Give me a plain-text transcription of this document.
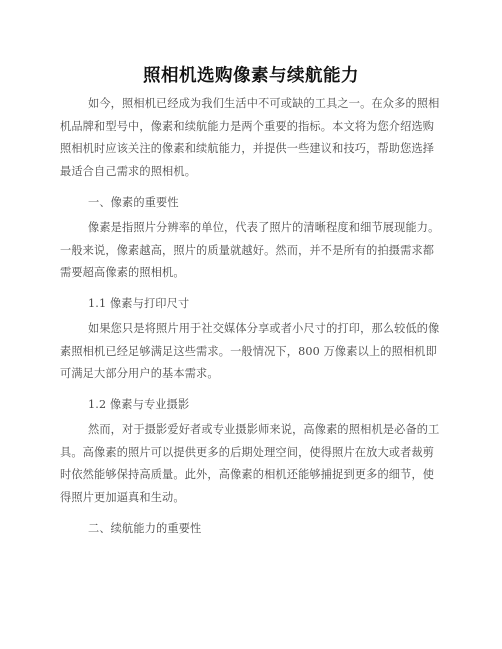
照相机选购像素与续航能力

如今，照相机已经成为我们生活中不可或缺的工具之一。在众多的照相机品牌和型号中，像素和续航能力是两个重要的指标。本文将为您介绍选购照相机时应该关注的像素和续航能力，并提供一些建议和技巧，帮助您选择最适合自己需求的照相机。

一、像素的重要性

像素是指照片分辨率的单位，代表了照片的清晰程度和细节展现能力。一般来说，像素越高，照片的质量就越好。然而，并不是所有的拍摄需求都需要超高像素的照相机。

1.1 像素与打印尺寸

如果您只是将照片用于社交媒体分享或者小尺寸的打印，那么较低的像素照相机已经足够满足这些需求。一般情况下，800 万像素以上的照相机即可满足大部分用户的基本需求。

1.2 像素与专业摄影

然而，对于摄影爱好者或专业摄影师来说，高像素的照相机是必备的工具。高像素的照片可以提供更多的后期处理空间，使得照片在放大或者裁剪时依然能够保持高质量。此外，高像素的相机还能够捕捉到更多的细节，使得照片更加逼真和生动。

二、续航能力的重要性
